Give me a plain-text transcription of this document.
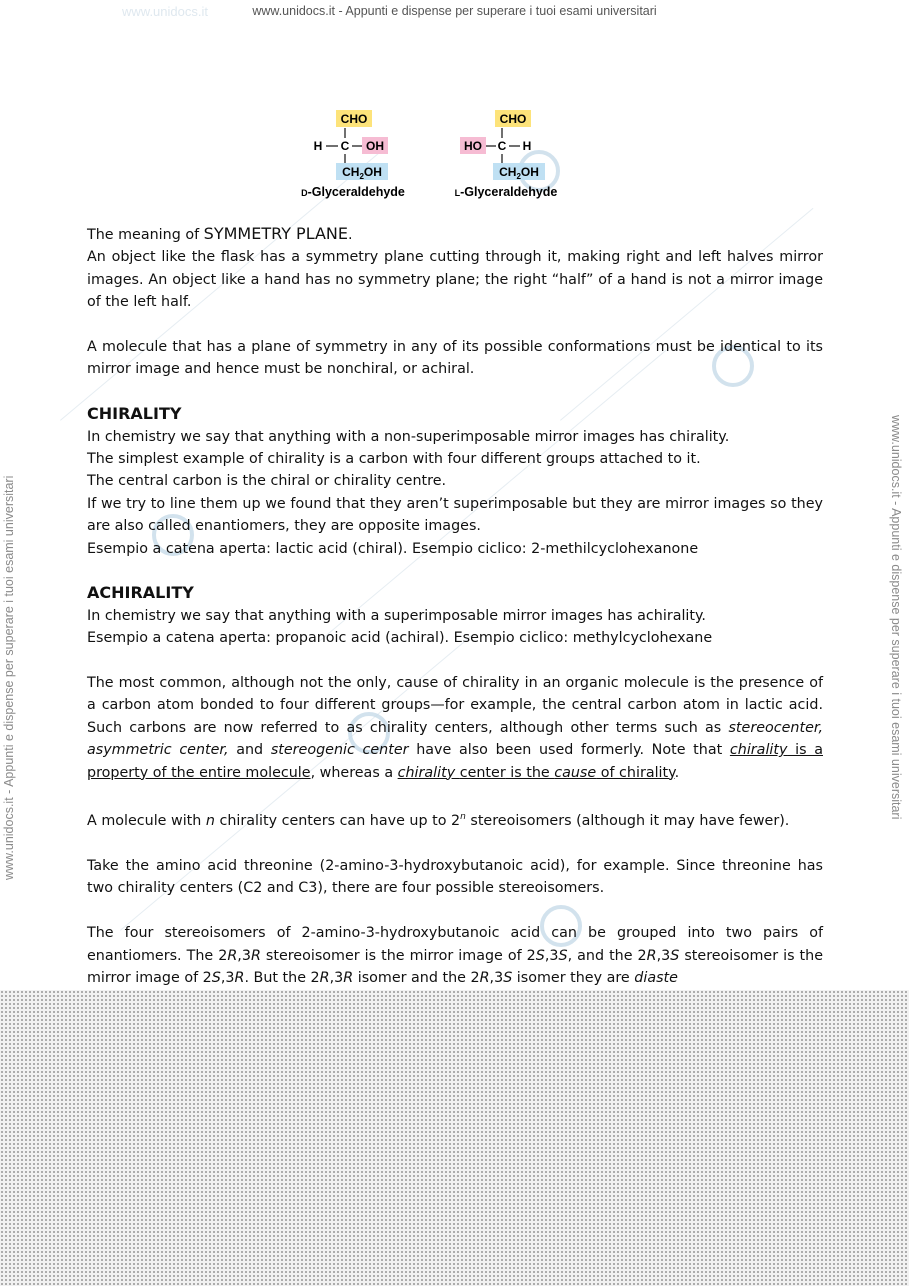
www.unidocs.it - Appunti e dispense per superare i tuoi esami universitari
www.unidocs.it
www.unidocs.it - Appunti e dispense per superare i tuoi esami universitari	www.unidocs.it - Appunti e dispense per superare i tuoi esami universitari
CHO
H C OH
$CH_2OH$
D-Glyceraldehyde
CHO
HO C H
$CH_2OH$
L-Glyceraldehyde

The meaning of SYMMETRY PLANE.

An object like the flask has a symmetry plane cutting through it, making right and left halves mirror images. An object like a hand has no symmetry plane; the right “half” of a hand is not a mirror image of the left half.

A molecule that has a plane of symmetry in any of its possible conformations must be identical to its mirror image and hence must be nonchiral, or achiral.

CHIRALITY

In chemistry we say that anything with a non-superimposable mirror images has chirality.

The simplest example of chirality is a carbon with four different groups attached to it.

The central carbon is the chiral or chirality centre.

If we try to line them up we found that they aren’t superimposable but they are mirror images so they are also called enantiomers, they are opposite images.

Esempio a catena aperta: lactic acid (chiral). Esempio ciclico: 2-methilcyclohexanone

ACHIRALITY

In chemistry we say that anything with a superimposable mirror images has achirality.

Esempio a catena aperta: propanoic acid (achiral). Esempio ciclico: methylcyclohexane

The most common, although not the only, cause of chirality in an organic molecule is the presence of a carbon atom bonded to four different groups—for example, the central carbon atom in lactic acid. Such carbons are now referred to as chirality centers, although other terms such as stereocenter, asymmetric center, and stereogenic center have also been used formerly. Note that chirality is a property of the entire molecule, whereas a chirality center is the cause of chirality.

A molecule with n chirality centers can have up to 2$^n$ stereoisomers (although it may have fewer).

Take the amino acid threonine (2-amino-3-hydroxybutanoic acid), for example. Since threonine has two chirality centers (C2 and C3), there are four possible stereoisomers.

The four stereoisomers of 2-amino-3-hydroxybutanoic acid can be grouped into two pairs of enantiomers. The 2R,3R stereoisomer is the mirror image of 2S,3S, and the 2R,3S stereoisomer is the mirror image of 2S,3R. But the 2R,3R isomer and the 2R,3S isomer they are diaste
